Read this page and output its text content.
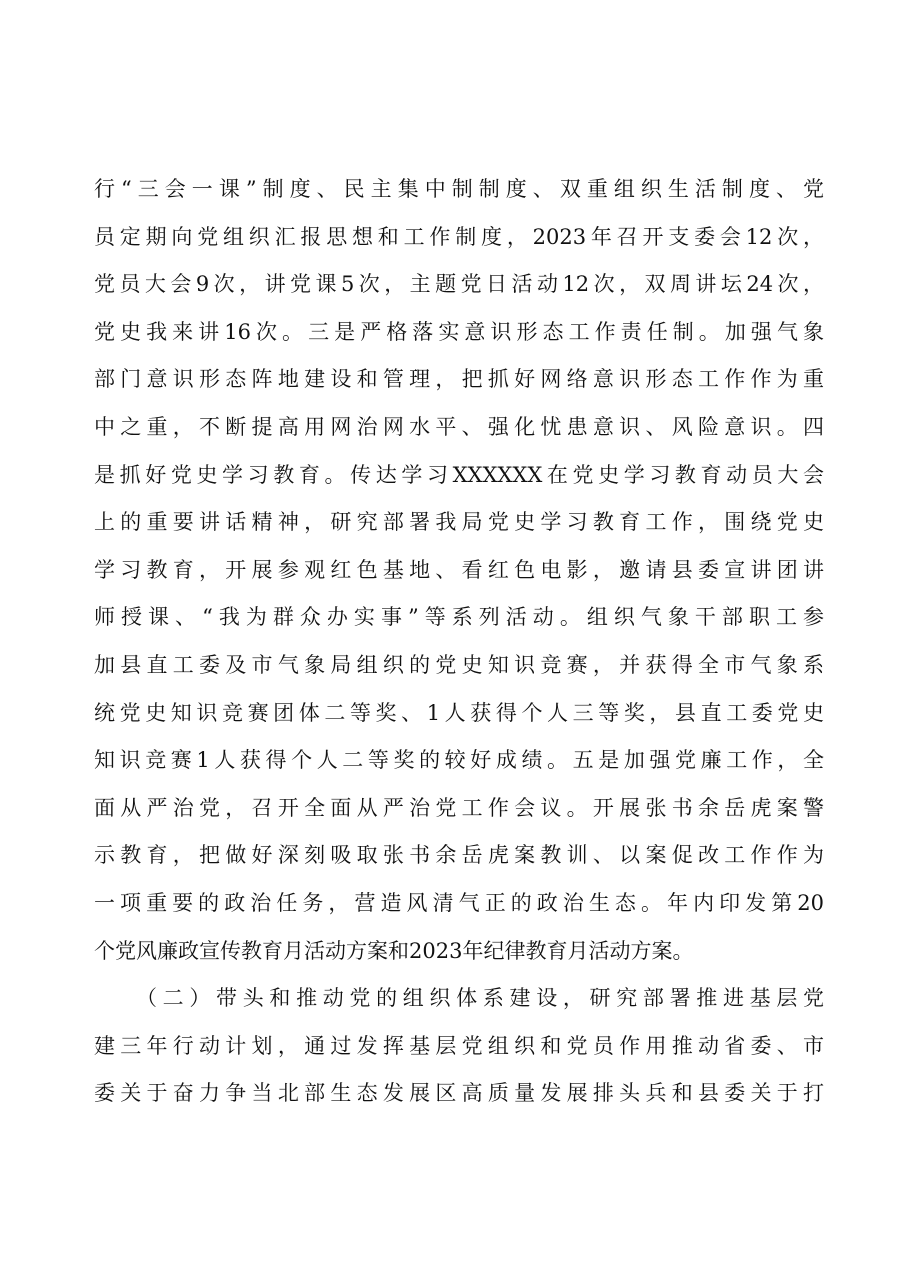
行“三会一课”制度、民主集中制制度、双重组织生活制度、党
员定期向党组织汇报思想和工作制度，2023年召开支委会12次，
党员大会9次，讲党课5次，主题党日活动12次，双周讲坛24次，
党史我来讲16次。三是严格落实意识形态工作责任制。加强气象
部门意识形态阵地建设和管理，把抓好网络意识形态工作作为重
中之重，不断提高用网治网水平、强化忧患意识、风险意识。四
是抓好党史学习教育。传达学习XXXXXX在党史学习教育动员大会
上的重要讲话精神，研究部署我局党史学习教育工作，围绕党史
学习教育，开展参观红色基地、看红色电影，邀请县委宣讲团讲
师授课、“我为群众办实事”等系列活动。组织气象干部职工参
加县直工委及市气象局组织的党史知识竞赛，并获得全市气象系
统党史知识竞赛团体二等奖、1人获得个人三等奖，县直工委党史
知识竞赛1人获得个人二等奖的较好成绩。五是加强党廉工作，全
面从严治党，召开全面从严治党工作会议。开展张书余岳虎案警
示教育，把做好深刻吸取张书余岳虎案教训、以案促改工作作为
一项重要的政治任务，营造风清气正的政治生态。年内印发第20
个党风廉政宣传教育月活动方案和2023年纪律教育月活动方案。
（二）带头和推动党的组织体系建设，研究部署推进基层党
建三年行动计划，通过发挥基层党组织和党员作用推动省委、市
委关于奋力争当北部生态发展区高质量发展排头兵和县委关于打
